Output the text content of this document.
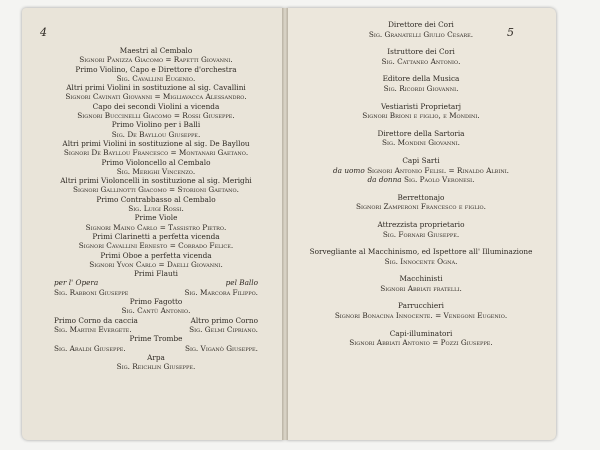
4	5
Maestri al Cembalo
Signori Panizza Giacomo = Rapetti Giovanni.
Primo Violino, Capo e Direttore d'orchestra
Sig. Cavallini Eugenio.
Altri primi Violini in sostituzione al sig. Cavallini
Signori Cavinati Giovanni = Migliavacca Alessandro.
Capo dei secondi Violini a vicenda
Signori Buccinelli Giacomo = Rossi Giuseppe.
Primo Violino per i Balli
Sig. De Bayllou Giuseppe.
Altri primi Violini in sostituzione al sig. De Bayllou
Signori De Bayllou Francesco = Montanari Gaetano.
Primo Violoncello al Cembalo
Sig. Merighi Vincenzo.
Altri primi Violoncelli in sostituzione al sig. Merighi
Signori Gallinotti Giacomo = Storioni Gaetano.
Primo Contrabbasso al Cembalo
Sig. Luigi Rossi.
Prime Viole
Signori Maino Carlo = Tassistro Pietro.
Primi Clarinetti a perfetta vicenda
Signori Cavallini Ernesto = Corrado Felice.
Primi Oboe a perfetta vicenda
Signori Yvon Carlo = Daelli Giovanni.
Primi Flauti
per l' Opera	pel Ballo
Sig. Rabboni Giuseppe	Sig. Marcora Filippo.
Primo Fagotto
Sig. Cantù Antonio.
Primo Corno da caccia	Altro primo Corno
Sig. Martini Evergete.	Sig. Gelmi Cipriano.
Prime Trombe
Sig. Araldi Giuseppe.	Sig. Viganò Giuseppe.
Arpa
Sig. Reichlin Giuseppe.
Direttore dei Cori
Sig. Granatelli Giulio Cesare.
Istruttore dei Cori
Sig. Cattaneo Antonio.
Editore della Musica
Sig. Ricordi Giovanni.
Vestiaristi Proprietarj
Signori Brioni e figlio, e Mondini.
Direttore della Sartoria
Sig. Mondini Giovanni.
Capi Sarti
da uomo Signori Antonio Felisi. = Rinaldo Albini.
da donna Sig. Paolo Veronesi.
Berrettonajo
Signori Zamperoni Francesco e figlio.
Attrezzista proprietario
Sig. Fornari Giuseppe.
Sorvegliante al Macchinismo, ed Ispettore all' Illuminazione
Sig. Innocente Ogna.
Macchinisti
Signori Abbiati fratelli.
Parrucchieri
Signori Bonacina Innocente. = Venegoni Eugenio.
Capi-illuminatori
Signori Abbiati Antonio = Pozzi Giuseppe.
